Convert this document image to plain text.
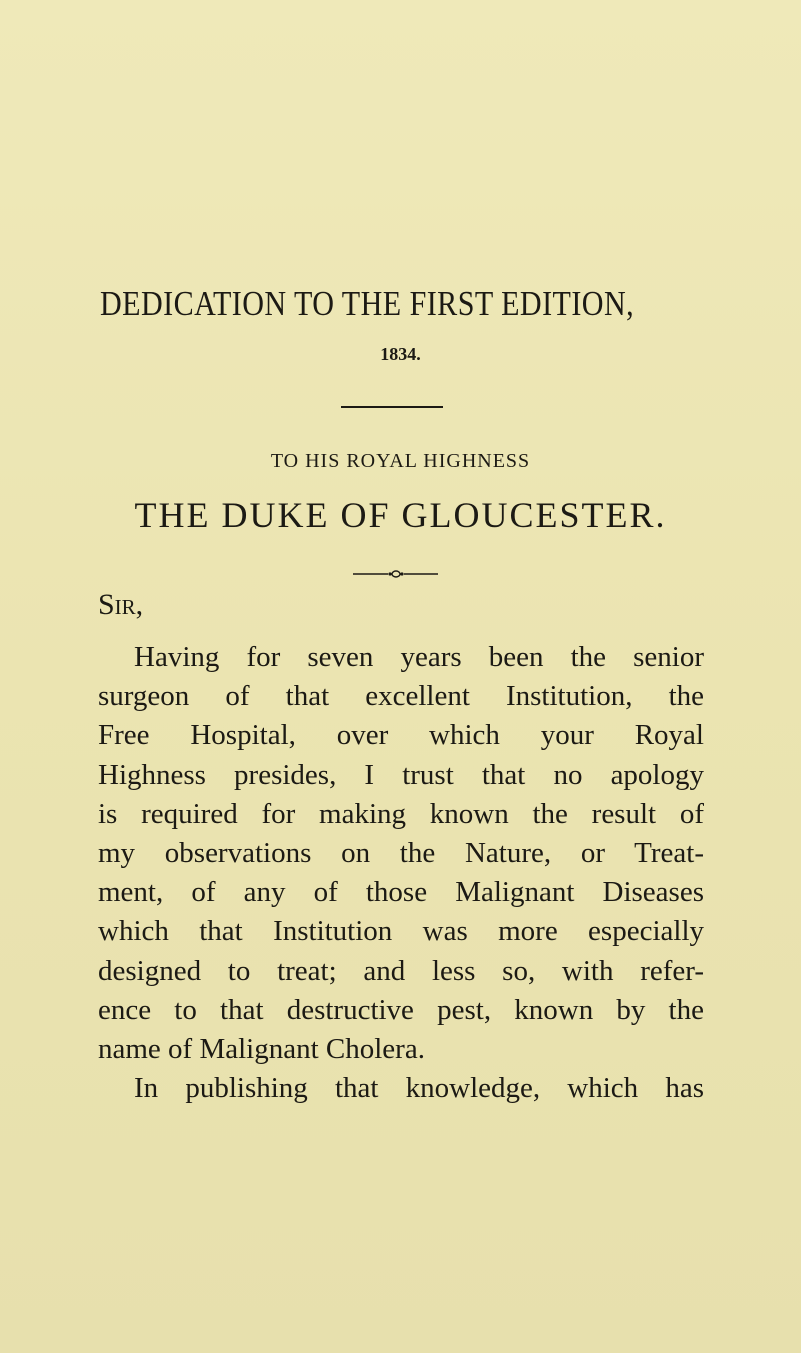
DEDICATION TO THE FIRST EDITION,
1834.
TO HIS ROYAL HIGHNESS
THE DUKE OF GLOUCESTER.
Sir,
Having for seven years been the senior
surgeon of that excellent Institution, the
Free Hospital, over which your Royal
Highness presides, I trust that no apology
is required for making known the result of
my observations on the Nature, or Treat-
ment, of any of those Malignant Diseases
which that Institution was more especially
designed to treat; and less so, with refer-
ence to that destructive pest, known by the
name of Malignant Cholera.
In publishing that knowledge, which has
